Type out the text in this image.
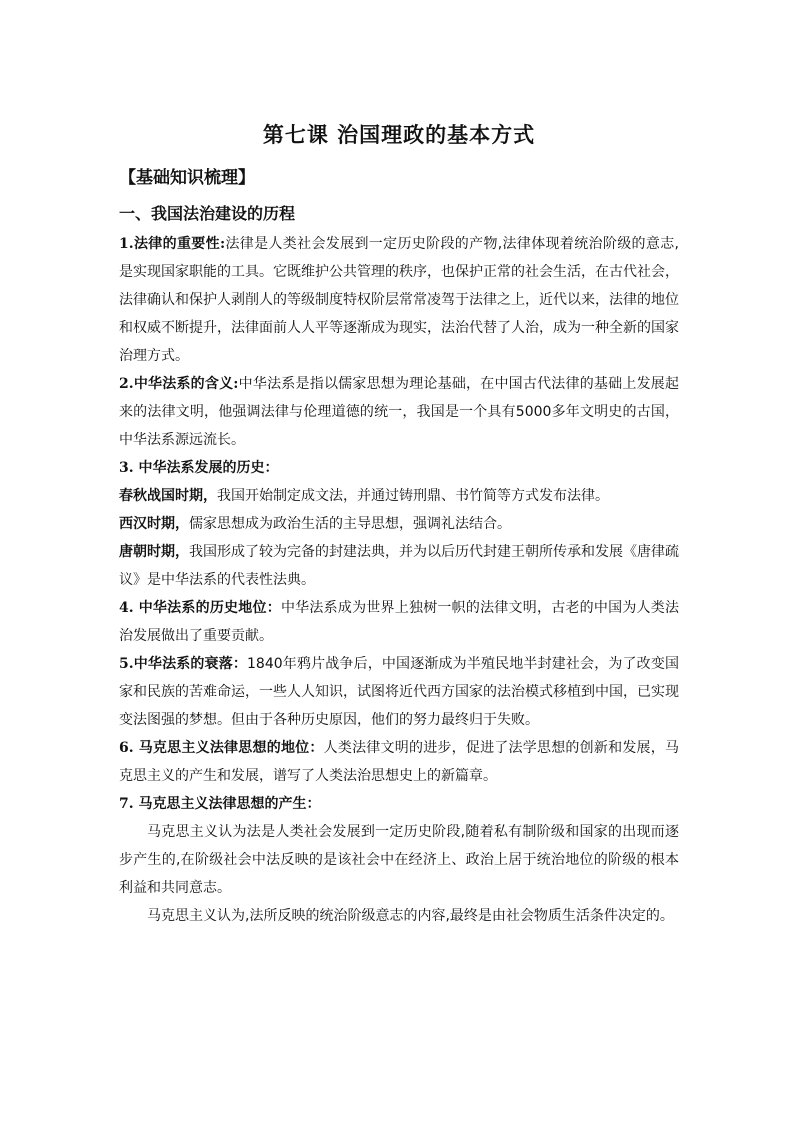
第七课 治国理政的基本方式
【基础知识梳理】
一、我国法治建设的历程

1.法律的重要性:法律是人类社会发展到一定历史阶段的产物,法律体现着统治阶级的意志,是实现国家职能的工具。它既维护公共管理的秩序，也保护正常的社会生活，在古代社会，法律确认和保护人剥削人的等级制度特权阶层常常凌驾于法律之上，近代以来，法律的地位和权威不断提升，法律面前人人平等逐渐成为现实，法治代替了人治，成为一种全新的国家治理方式。

2.中华法系的含义:中华法系是指以儒家思想为理论基础，在中国古代法律的基础上发展起来的法律文明，他强调法律与伦理道德的统一，我国是一个具有5000多年文明史的古国，中华法系源远流长。

3. 中华法系发展的历史：

春秋战国时期，我国开始制定成文法，并通过铸刑鼎、书竹简等方式发布法律。

西汉时期，儒家思想成为政治生活的主导思想，强调礼法结合。

唐朝时期，我国形成了较为完备的封建法典，并为以后历代封建王朝所传承和发展《唐律疏议》是中华法系的代表性法典。

4. 中华法系的历史地位：中华法系成为世界上独树一帜的法律文明，古老的中国为人类法治发展做出了重要贡献。

5.中华法系的衰落：1840年鸦片战争后，中国逐渐成为半殖民地半封建社会，为了改变国家和民族的苦难命运，一些人人知识，试图将近代西方国家的法治模式移植到中国，已实现变法图强的梦想。但由于各种历史原因，他们的努力最终归于失败。

6. 马克思主义法律思想的地位：人类法律文明的进步，促进了法学思想的创新和发展，马克思主义的产生和发展，谱写了人类法治思想史上的新篇章。

7. 马克思主义法律思想的产生：

马克思主义认为法是人类社会发展到一定历史阶段,随着私有制阶级和国家的出现而逐步产生的,在阶级社会中法反映的是该社会中在经济上、政治上居于统治地位的阶级的根本利益和共同意志。

马克思主义认为,法所反映的统治阶级意志的内容,最终是由社会物质生活条件决定的。
